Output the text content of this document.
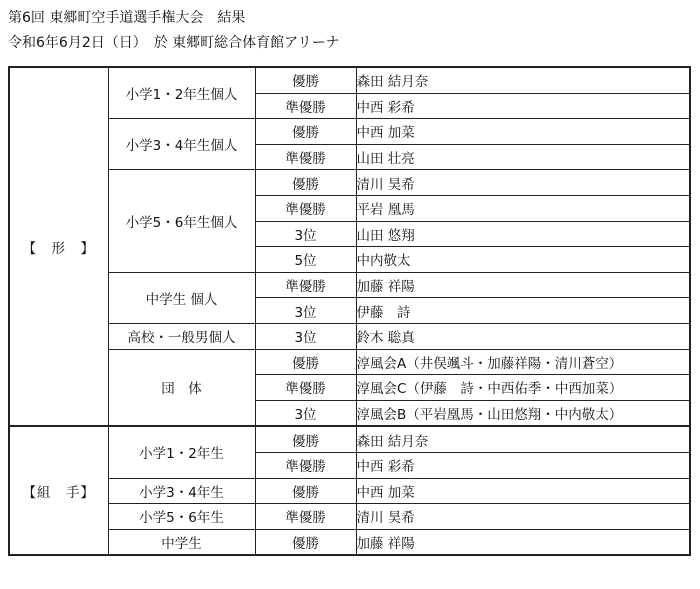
第6回 東郷町空手道選手権大会　結果
令和6年6月2日（日）　於 東郷町総合体育館アリーナ
【　形　】	小学1・2年生個人	優勝	森田 結月奈
		準優勝	中西 彩希
	小学3・4年生個人	優勝	中西 加菜
		準優勝	山田 壮亮
	小学5・6年生個人	優勝	清川 昊希
		準優勝	平岩 凰馬
		3位	山田 悠翔
		5位	中内敬太
	中学生 個人	準優勝	加藤 祥陽
		3位	伊藤　詩
	高校・一般男個人	3位	鈴木 聡真
	団　体	優勝	淳風会A（井俣颯斗・加藤祥陽・清川蒼空）
		準優勝	淳風会C（伊藤　詩・中西佑季・中西加菜）
		3位	淳風会B（平岩凰馬・山田悠翔・中内敬太）
【組　手】	小学1・2年生	優勝	森田 結月奈
		準優勝	中西 彩希
	小学3・4年生	優勝	中西 加菜
	小学5・6年生	準優勝	清川 昊希
	中学生	優勝	加藤 祥陽
